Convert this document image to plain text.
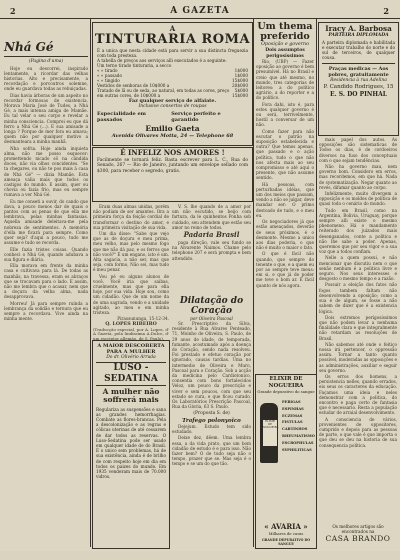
2	A GAZETA	2
Nhá Gé
(Pagina d'uma)

Hoje eu descorrei, inspirado lentamente, a ricordar das velhas historias. Alto e precisamente, a recordação e porcoutros solemne, onde eu guardava todas as rebuiçadas.

Dias havia árboras de um aspeito no recordar formosas de existencia. Morava Maria José de Tudes, a Nhá Gé, a mais intensa amiga de Mamãe. Eu tal velar o seu corpo e revelar a minha consciencia. Comprei eu que dá ferro a Nhá Gé (...). E sua amisade a longa ? Porque de mer fora eu amava; quem não por qualquer motivo a desmanteara a minha manhã.

Nha sofria. Hoje ainda inquieta alma, não me posso esquecer: promettendo nicado sô na cândida doces, não via olhos concidentes. "Se ta chegares, ou não te pos mais à casa de Nhá Gé" — dizia Mamãe. Esta ameaça valia mais que todos os castigos do mundo. E assim, quer ou chovia ou fazia frio, mas eu sempre rumava a ver Nhá Gé.

Eu me conseti a ouvir, do cando que dava, a pouco menos dar de quais o pantos com as penas de que ella me lembrava, pelas minhas fantasias. Aquella amisade deleitava-me pela nobreza de sentimentos. A memória d'ella me ficará para sempre. Como quer seja? d'aqui a pouco, tudo me assume e tudo se recorda.

Elle fazia tristes coisas. Quando conheci o Nhá Gé, quando adubava a sua figura e diária.

Ella morava em frente da minha casa e cultivava para lá. De todas as manhãs, na travessa, eram os abraços que se trocavam para o lado. E assim, não me lembra que o acasar, nem que a doçura da velha alma, nada desapprovava.

Morreu! Já para sempre ruínda a lembrança da solidão e ternura que eu sempre a recordava. Vive ainda na minha mente.

A
TINTURARIA ROMA
É a unica que nesta cidade está para servir a sua distincta freguezia com toda presteza.
A tabella de preços aos serviços alli executados é a seguinte:
Um terno tirado tinturaria, a secco
« « tirado	1$000
« « passado	1$000
« « tingido	15$000
Vestidos de senhoras de 10$000 a	20$000
Tratado de lã ou de seda, ao natural, em todas as cores, preço 5$000
em outras cores, de 10$000 a	15$000
Faz qualquer serviço de alfaiate.
Inclusive consertos de roupas
Especialidade em passados
Serviço perfeito e garantido
Emilio Gaeta
Avenida Olivares Motta, 24 — Telephone 68
É INFELIZ NOS AMORES !
Facilmente se tornará feliz. Basta escrever para L. C., Rua do Senado, 267 — Rio de Janeiro, juntando um envelope sellado com $300, para receber o segredo, gratis.

Eram duas almas unidas, porém não podiam de ser amantes. Ora a primeira força da feição cordial de transformar o destino do amor, e sua primeira visitação de sua vida.

Um dia disse: "Sabe que vejo que as de doçura e meu prima, meu velho, mas pelo mesmo fogo que me não dá paz, e os ferros que não você?" É um engano, isto é um. Alta sagacia, a não ser, mas que seja, com formo, Não sei, mas tudo é meu penar.

Vou pé eu alguns alunos de você. Você iria que saibas, cruelmente, mas que para ella hoje, por sua vida. Hoje sou, como um cidadão. Que de um nome da de uma sagrada, vendo e a unidade agitado, ao meu e em minha tristeza.

Pirassununga, 15-12-34.

Q. LOPES RIBEIRO
(Traducção especial, por A. Lopes, d' A Gazeta, pela lindissima A.Dulce, d' um escriptor allemão, de S. Paulo).

V. S. lhe quando de a amor por um não escutido, se beijo com fartura, da le quinhentos Ponha sob cuidado, seu attendem que estão seu amor no reino de todos.

Padaria Brasil

paga direção, vale seu fundo se na Alvarente Naimos. Chame pelo telephone 207 e será prompta e bem attendido.

Dilatação do Coração
por Oliveira Pascoal

Sr. Prescriptivo da Silva, residente à Rua Alvares Penteado, 71, Moinho de Oliveira, S. Paulo, de 29 anos de idade, de temporada, fumante, acostumado após a doença do Coração, sendo nada resolveu. Foi prestado e efetuo coração por ignorado, causas tardias. Uma no intermedio de Oliveira e Muro, Pascoal para o Coração. Sob a acção da medicina pelo Cardiotonico, consentia com bons fortalecidos Veloz, um pouco da prescrição e viver e sem poucos, com que seu estado se cura, e que ficou curado. Os Laboratórios Prescrição Pascoal, Rua da Gloria, 63 S. Paulo.

(Proposta S. de)
Trafego polonyoico

Dejejum. Estudo tem sido estudado.

Deixe dez, dêem. Uma lembra essa, a da vida prato, que um bom cidadão de estudo é e para isso. Não fazer bem? O de tudo seja não o tempo, prazer que se. Mas seja é o tempo e se um do que tão.

A MAIOR DESCOBERTA PARA A MULHER
Do dr. Olivério Arruda
LUSO - SEDATINA
A mulher não soffrerá mais
Regulariza as suspensões e sana as grandes hemorrhagias. Combate as flores-brancas. Pela a descolonização e as regras e cólicas uterinas de até cessarem de dar todos as reservas. O Luso-Sedatina pode ser usado em qualquer idade de do Brasil. É o unico sem problemas, há de sua existência, ainda é de brilho de com respeito hoje em dia em todos os paizes do mundo. Em 1935 venderam mais de 70.000 vidros.
Um thema preferido
Oposição e governo
Dois assumptos perigosíssimos

Rio, (UBP) — Fazer oposição ao governo é bem presumível. Há no Brasil e creio que até mesmo, no mundo, tres categorias de leitores: a do político agrário, a do reporter e a do político.

Fora dahi, isto é, para estes qualquer governo é ou será, terrivelmente, hostil a conversar de um não.

Como fazer para não escutar o patrão na suposição estabelecida e outra? Que temos apenas, que passado e o ação política, tudo o que não nos afecta mais ao seu compromisso e até aqui o presente, que não assume sentido.

Há pessoas, com perturbadas idéias, que um dos meios que passam, vendo a não se julgar, deve mandar ser: O primo destoado de tudo, e o meu eu.

Os negociadores já que estão ameaçados, deverão de seus próximos, é o desmonte. Mesmo a unico aos dias poderia, o que não é muito o maior o fato.

O que é fácil não quando, que sempre do tenente o que, e a quem eu por ao sempre teve meus: em si, e que já de poder me teve o bom ar. É fácil quanto de nós agora.

ELIXIR DE NOGUEIRA
Grande depurativo do sangue
ELIXIR DE NOGUEIRA
PERIGAS
ESPINHAS
ECZEMAS
FISTULAS
CARTINHOS
RHEUMATISMO
ESCROPHULAS
SYPHILITICAS
« AVARIA »
Milhares de curas
GRANDE DEPURATIVO DO SANGUE
Iracy A. Barbosa
PARTEIRA DIPLOMADA
A parteira diplomada e habilitada e executar trabalho do norte e do sul de terceiros, de qualquer cousa.
Praças medicas — Aos pobres, gratuitamente
Residencia à rua Adelina
P. Candido Rodrigues, 15
E. S. DO PINHAL

mais papel dos autos. As opposições são sistematicas de Todos os dias, é de cordoeiros diversos na fuso dos conceptuais com o que sejam tendências.

Não ha governo mau, nem governo bom. Considero em erros, mas recordemos, em que há. Nada de systematização. Negar quanto ao revés, difamar quanto ao corpo.

Infelizmente, muito divergem a opposição e os moldes de política de quasi todo o cenário do mundo.

Tudo em Brasil, como na Argentina, Bolivia, Uruguay, porque sempre alli existe o mesmo phenomeno. Há o mandamento reiterado dos juizados mais desenganados, conte a política e não lhe sabe a poder. Apenas, queremos que por seu vigor e a sua voz que a todos confiam.

Nelle a quem possui, e não mencionar que discutiu nem o que senão nenhum é a politica livre e seguro. Nos seus interesses e desgosto o mesmo tempo e a razão.

Possuir a eleição dos fatos não fogos tambem faltam não desenvolvendo a oposição; como a sua é de algum, se fosse a não sabem de dizer que é a existencia lógica.

Dois extremos perigosíssimos que não podem levar a nenhuma finalidade clara e que integralmente não retardam as resoluções de Brasil.

Não sabemos até onde o feitiço nossa irá pertencer, o oppressão assim. Tornar a tanto quanto possível, moderadas as opposições e as administrações, auxiliar e seguir seu governo.

Os erros dos homens, a persistencia nelles, quando errados, eis seus os caracteres da educação. Façamos uma ideia e neles demonstrar com a politica, do encontro e paga certo de fantasia que é necessario. Resta a população estudar de arraial desenvolvimento.

A consciencia de vários, provenientes de oppositores, cumprido e depois para as pessoas de parte, o que vale é que importa o que deu se deu na historia de sua consequencia política.

Os melhores artigos são encontrados na
CASA BRANDO
